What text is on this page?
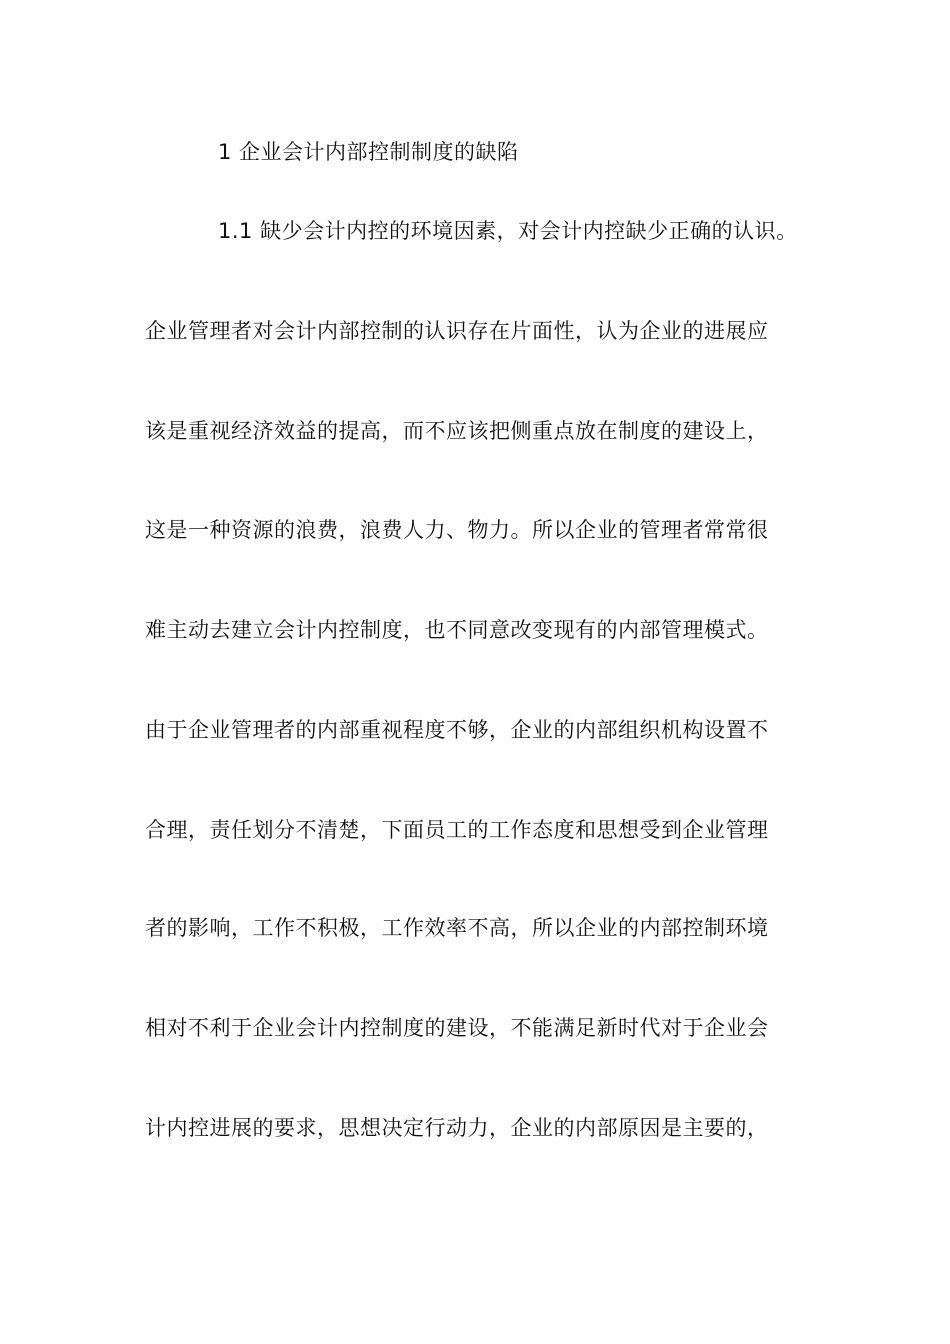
1 企业会计内部控制制度的缺陷
1.1 缺少会计内控的环境因素，对会计内控缺少正确的认识。
企业管理者对会计内部控制的认识存在片面性，认为企业的进展应
该是重视经济效益的提高，而不应该把侧重点放在制度的建设上，
这是一种资源的浪费，浪费人力、物力。所以企业的管理者常常很
难主动去建立会计内控制度，也不同意改变现有的内部管理模式。
由于企业管理者的内部重视程度不够，企业的内部组织机构设置不
合理，责任划分不清楚，下面员工的工作态度和思想受到企业管理
者的影响，工作不积极，工作效率不高，所以企业的内部控制环境
相对不利于企业会计内控制度的建设，不能满足新时代对于企业会
计内控进展的要求，思想决定行动力，企业的内部原因是主要的，
